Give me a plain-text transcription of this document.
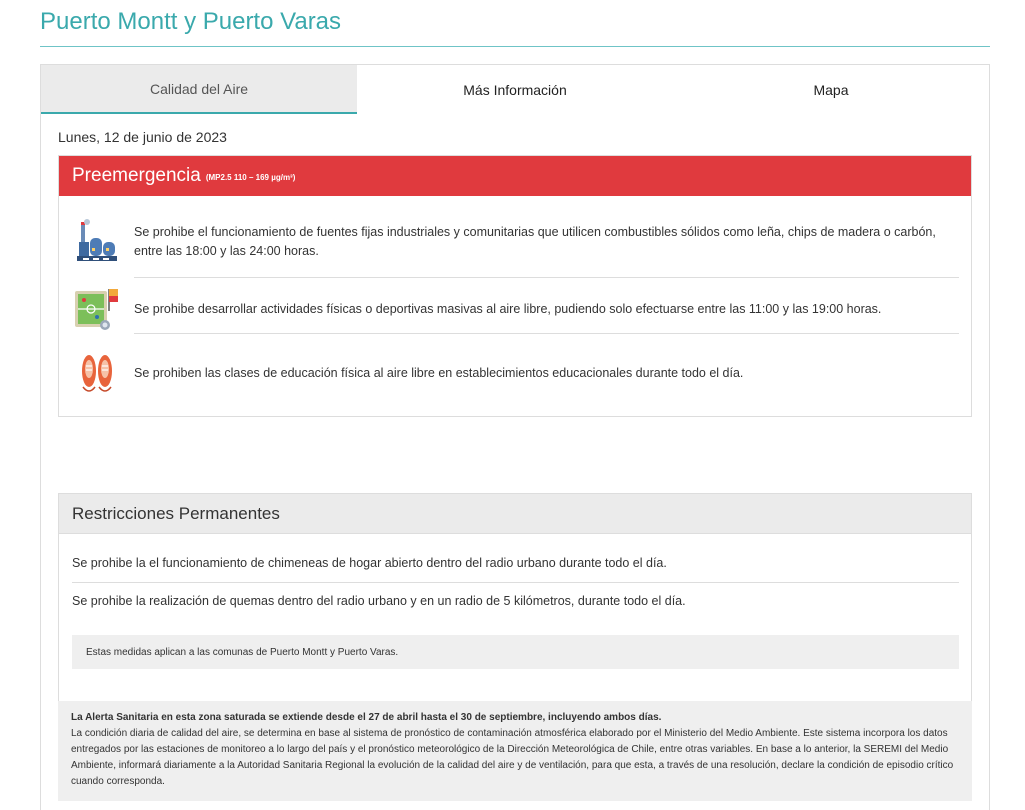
Puerto Montt y Puerto Varas
Calidad del Aire	Más Información	Mapa
Lunes, 12 de junio de 2023
Preemergencia (MP2.5 110 – 169 µg/m³)
Se prohibe el funcionamiento de fuentes fijas industriales y comunitarias que utilicen combustibles sólidos como leña, chips de madera o carbón, entre las 18:00 y las 24:00 horas.
Se prohibe desarrollar actividades físicas o deportivas masivas al aire libre, pudiendo solo efectuarse entre las 11:00 y las 19:00 horas.
Se prohiben las clases de educación física al aire libre en establecimientos educacionales durante todo el día.
Restricciones Permanentes
Se prohibe la el funcionamiento de chimeneas de hogar abierto dentro del radio urbano durante todo el día.
Se prohibe la realización de quemas dentro del radio urbano y en un radio de 5 kilómetros, durante todo el día.
Estas medidas aplican a las comunas de Puerto Montt y Puerto Varas.
La Alerta Sanitaria en esta zona saturada se extiende desde el 27 de abril hasta el 30 de septiembre, incluyendo ambos días.
La condición diaria de calidad del aire, se determina en base al sistema de pronóstico de contaminación atmosférica elaborado por el Ministerio del Medio Ambiente. Este sistema incorpora los datos entregados por las estaciones de monitoreo a lo largo del país y el pronóstico meteorológico de la Dirección Meteorológica de Chile, entre otras variables. En base a lo anterior, la SEREMI del Medio Ambiente, informará diariamente a la Autoridad Sanitaria Regional la evolución de la calidad del aire y de ventilación, para que esta, a través de una resolución, declare la condición de episodio crítico cuando corresponda.
